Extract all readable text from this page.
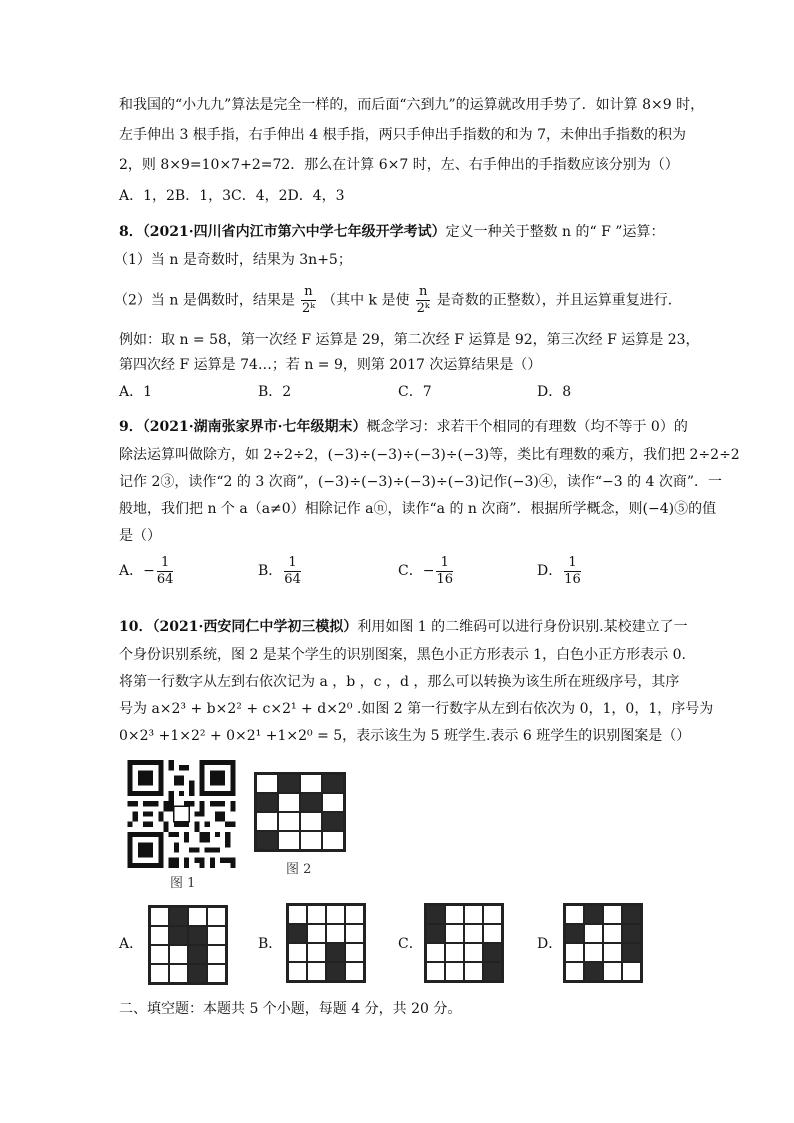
和我国的“小九九”算法是完全一样的，而后面“六到九”的运算就改用手势了．如计算 8×9 时，
左手伸出 3 根手指，右手伸出 4 根手指，两只手伸出手指数的和为 7，未伸出手指数的积为
2，则 8×9=10×7+2=72．那么在计算 6×7 时，左、右手伸出的手指数应该分别为（）
A．1，2B．1，3C．4，2D．4，3
8．（2021·四川省内江市第六中学七年级开学考试）定义一种关于整数 n 的“ F ”运算：
（1）当 n 是奇数时，结果为 3n+5；
（2）当 n 是偶数时，结果是 $\frac{n}{\text{2ᵏ}}$ （其中 k 是使 $\frac{n}{\text{2ᵏ}}$ 是奇数的正整数），并且运算重复进行．
例如：取 n = 58，第一次经 F 运算是 29，第二次经 F 运算是 92，第三次经 F 运算是 23，
第四次经 F 运算是 74…；若 n = 9，则第 2017 次运算结果是（）
A．1	B．2	C．7	D．8
9．（2021·湖南张家界市·七年级期末）概念学习：求若干个相同的有理数（均不等于 0）的
除法运算叫做除方，如 2÷2÷2，(−3)÷(−3)÷(−3)÷(−3)等，类比有理数的乘方，我们把 2÷2÷2
记作 2③，读作“2 的 3 次商”，(−3)÷(−3)÷(−3)÷(−3)记作(−3)④，读作“−3 的 4 次商”．一
般地，我们把 n 个 a（a≠0）相除记作 aⓝ，读作“a 的 n 次商”．根据所学概念，则(−4)⑤的值
是（）
A．− $\frac{1}{64}$	B． $\frac{1}{64}$	C．− $\frac{1}{16}$	D． $\frac{1}{16}$
10．（2021·西安同仁中学初三模拟）利用如图 1 的二维码可以进行身份识别.某校建立了一
个身份识别系统，图 2 是某个学生的识别图案，黑色小正方形表示 1，白色小正方形表示 0.
将第一行数字从左到右依次记为 a ，b ，c ，d ，那么可以转换为该生所在班级序号，其序
号为 a×2³ + b×2² + c×2¹ + d×2⁰ .如图 2 第一行数字从左到右依次为 0，1，0，1，序号为
0×2³ +1×2² + 0×2¹ +1×2⁰ = 5，表示该生为 5 班学生.表示 6 班学生的识别图案是（）
图 1
图 2
A．	B．	C．	D．
二、填空题：本题共 5 个小题，每题 4 分，共 20 分。
